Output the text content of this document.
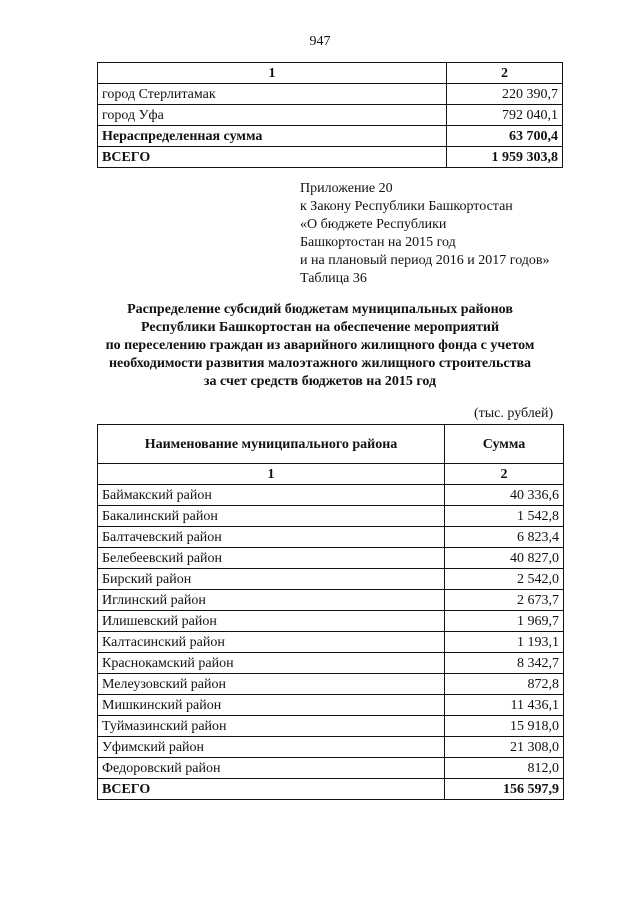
947
1	2
город Стерлитамак	220 390,7
город Уфа	792 040,1
Нераспределенная сумма	63 700,4
ВСЕГО	1 959 303,8
Приложение 20
к Закону Республики Башкортостан
«О бюджете Республики
Башкортостан на 2015 год
и на плановый период 2016 и 2017 годов»
Таблица 36
Распределение субсидий бюджетам муниципальных районов
Республики Башкортостан на обеспечение мероприятий
по переселению граждан из аварийного жилищного фонда с учетом
необходимости развития малоэтажного жилищного строительства
за счет средств бюджетов на 2015 год
(тыс. рублей)
Наименование муниципального района	Сумма
1	2
Баймакский район	40 336,6
Бакалинский район	1 542,8
Балтачевский район	6 823,4
Белебеевский район	40 827,0
Бирский район	2 542,0
Иглинский район	2 673,7
Илишевский район	1 969,7
Калтасинский район	1 193,1
Краснокамский район	8 342,7
Мелеузовский район	872,8
Мишкинский район	11 436,1
Туймазинский район	15 918,0
Уфимский район	21 308,0
Федоровский район	812,0
ВСЕГО	156 597,9
